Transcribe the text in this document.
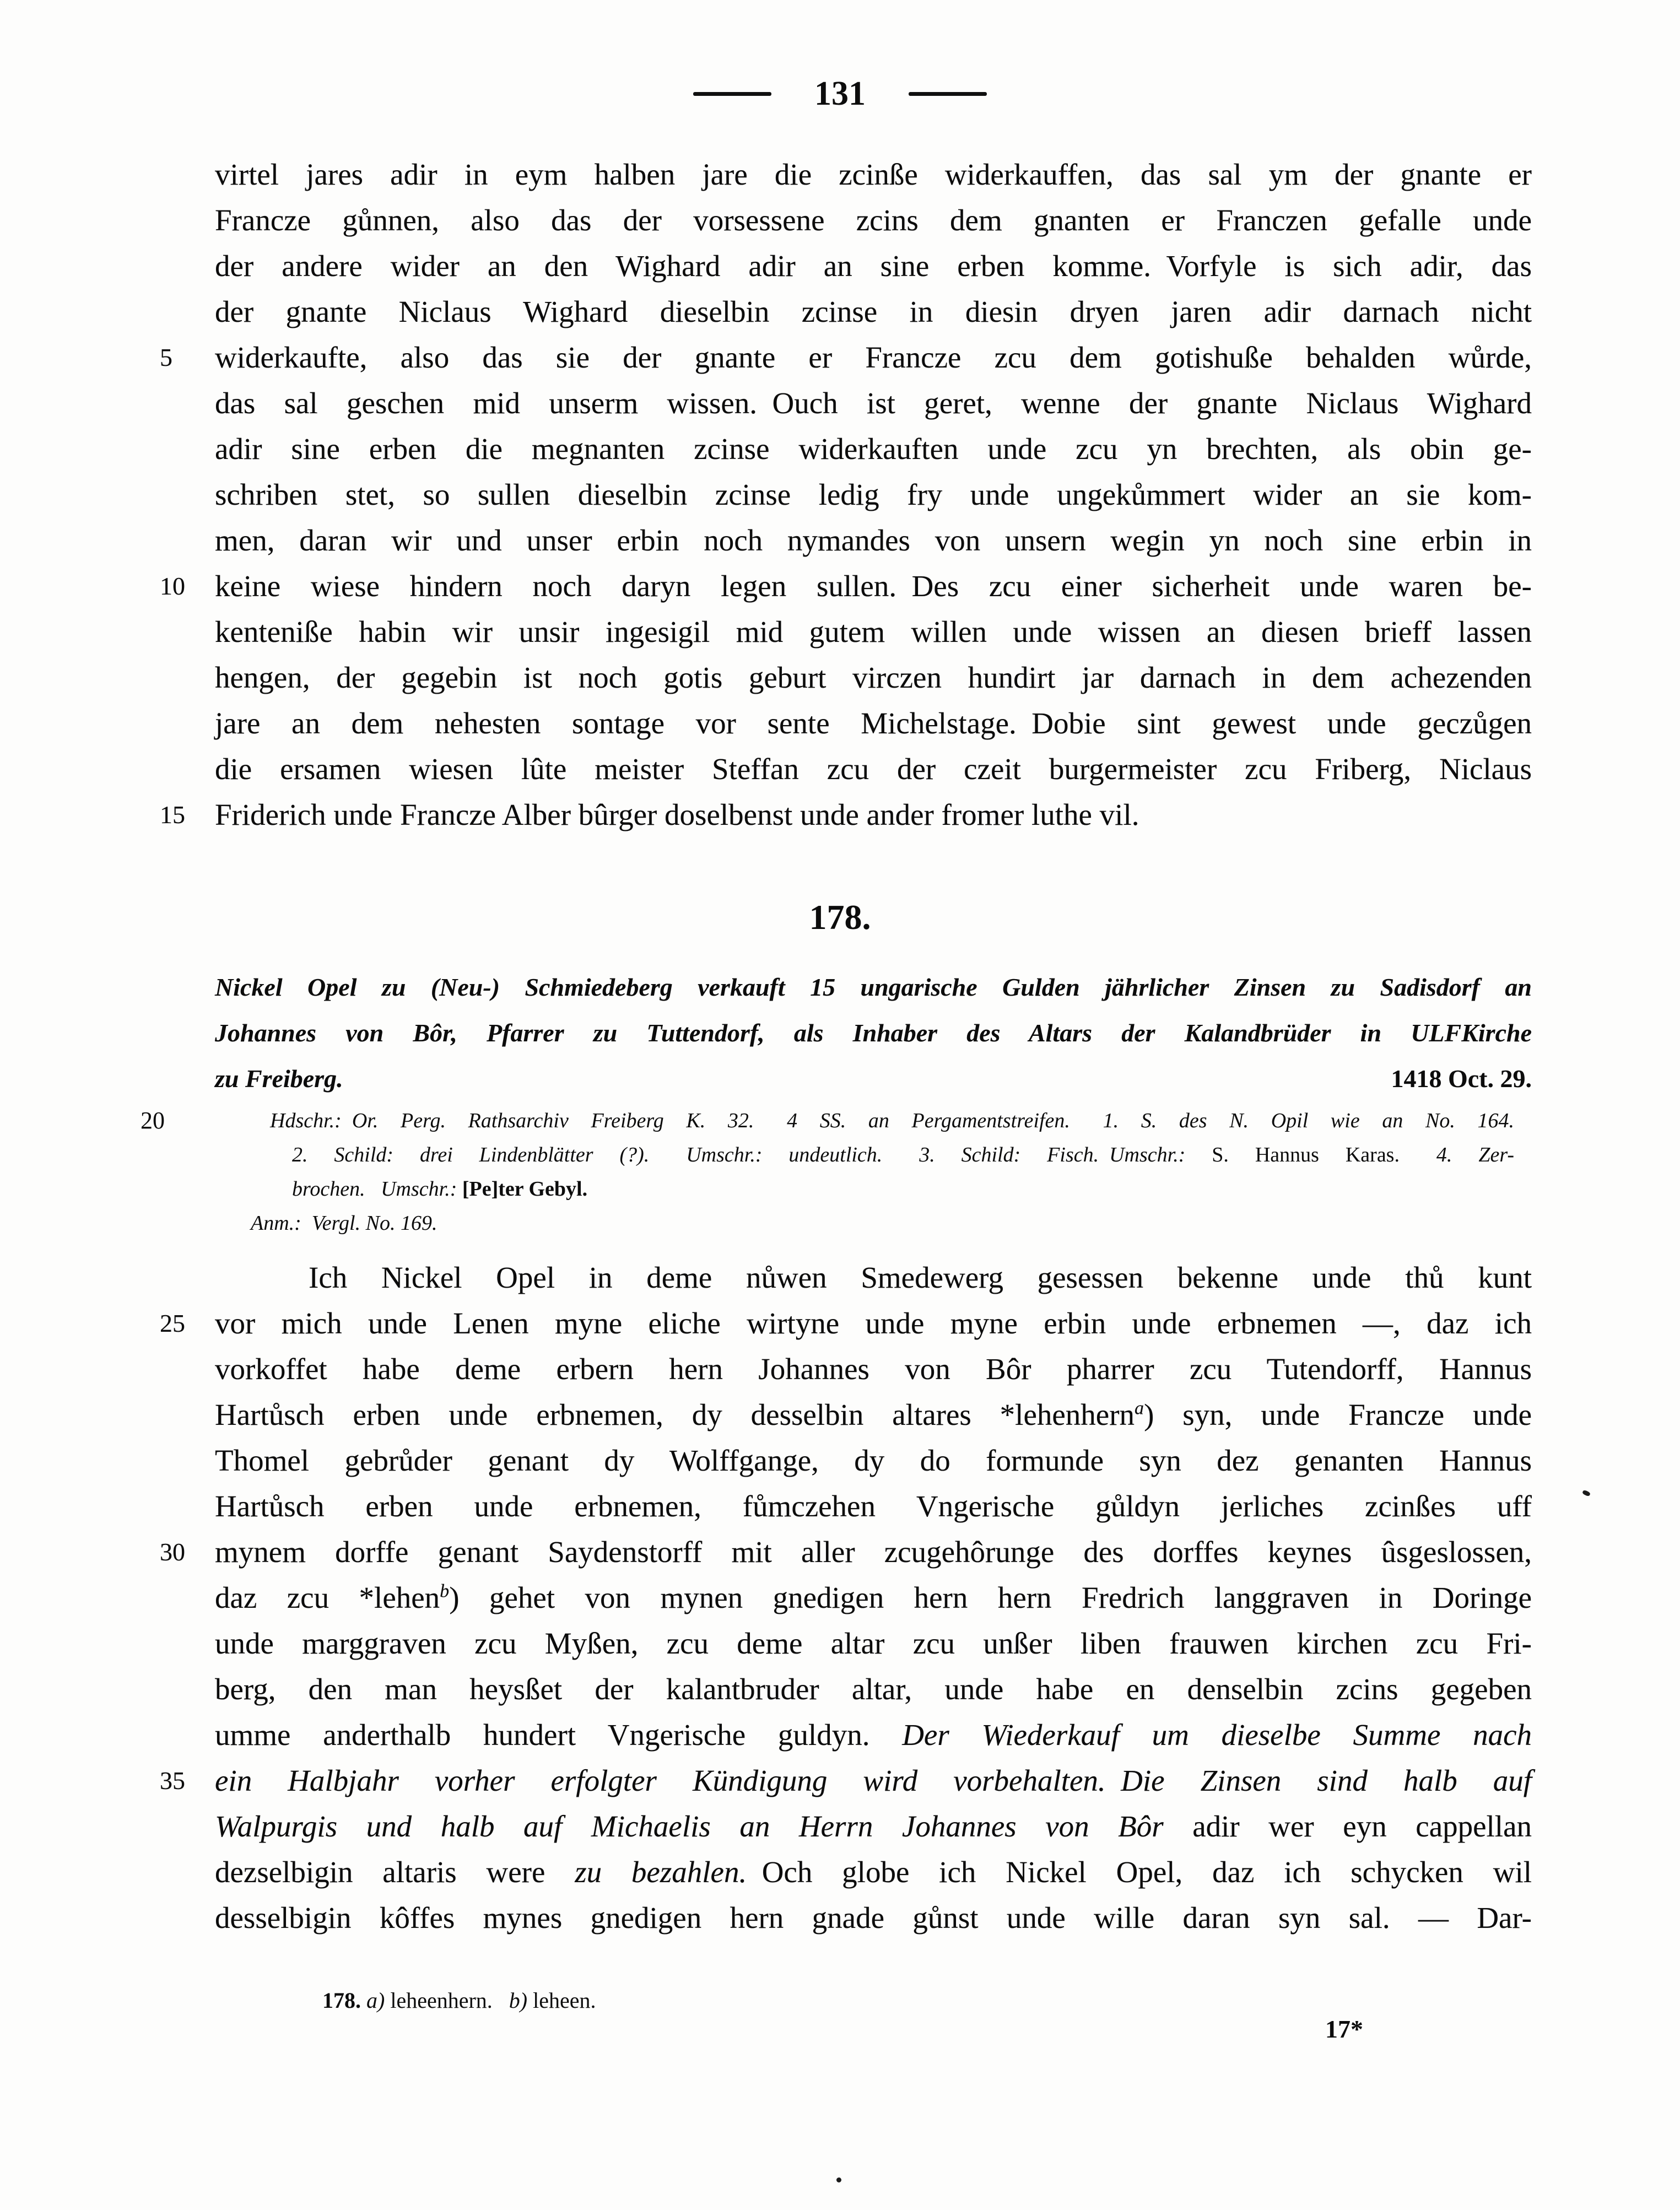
131
virtel jares adir in eym halben jare die zcinße widerkauffen, das sal ym der gnante er
Francze gůnnen, also das der vorsessene zcins dem gnanten er Franczen gefalle unde
der andere wider an den Wighard adir an sine erben komme. Vorfyle is sich adir, das
der gnante Niclaus Wighard dieselbin zcinse in diesin dryen jaren adir darnach nicht
5 widerkaufte, also das sie der gnante er Francze zcu dem gotishuße behalden wůrde,
das sal geschen mid unserm wissen. Ouch ist geret, wenne der gnante Niclaus Wighard
adir sine erben die megnanten zcinse widerkauften unde zcu yn brechten, als obin ge-
schriben stet, so sullen dieselbin zcinse ledig fry unde ungekůmmert wider an sie kom-
men, daran wir und unser erbin noch nymandes von unsern wegin yn noch sine erbin in
10 keine wiese hindern noch daryn legen sullen. Des zcu einer sicherheit unde waren be-
kenteniße habin wir unsir ingesigil mid gutem willen unde wissen an diesen brieff lassen
hengen, der gegebin ist noch gotis geburt virczen hundirt jar darnach in dem achezenden
jare an dem nehesten sontage vor sente Michelstage. Dobie sint gewest unde geczůgen
die ersamen wiesen lûte meister Steffan zcu der czeit burgermeister zcu Friberg, Niclaus
15 Friderich unde Francze Alber bûrger doselbenst unde ander fromer luthe vil.
178.
Nickel Opel zu (Neu-) Schmiedeberg verkauft 15 ungarische Gulden jährlicher Zinsen zu Sadisdorf an
Johannes von Bôr, Pfarrer zu Tuttendorf, als Inhaber des Altars der Kalandbrüder in ULFKirche
zu Freiberg.	1418 Oct. 29.
20	Hdschr.: Or. Perg. Rathsarchiv Freiberg K. 32.  4 SS. an Pergamentstreifen.  1. S. des N. Opil wie an No. 164.
2. Schild: drei Lindenblätter (?).  Umschr.: undeutlich.  3. Schild: Fisch. Umschr.: S. Hannus Karas.  4. Zer-
brochen.  Umschr.: [Pe]ter Gebyl.
Anm.: Vergl. No. 169.
Ich Nickel Opel in deme nůwen Smedewerg gesessen bekenne unde thů kunt
25 vor mich unde Lenen myne eliche wirtyne unde myne erbin unde erbnemen —, daz ich
vorkoffet habe deme erbern hern Johannes von Bôr pharrer zcu Tutendorff, Hannus
Hartůsch erben unde erbnemen, dy desselbin altares *lehenhern$^a$) syn, unde Francze unde
Thomel gebrůder genant dy Wolffgange, dy do formunde syn dez genanten Hannus
Hartůsch erben unde erbnemen, fůmczehen Vngerische gůldyn jerliches zcinßes uff
30 mynem dorffe genant Saydenstorff mit aller zcugehôrunge des dorffes keynes ûsgeslossen,
daz zcu *lehen$^b$) gehet von mynen gnedigen hern hern Fredrich langgraven in Doringe
unde marggraven zcu Myßen, zcu deme altar zcu unßer liben frauwen kirchen zcu Fri-
berg, den man heysßet der kalantbruder altar, unde habe en denselbin zcins gegeben
umme anderthalb hundert Vngerische guldyn. Der Wiederkauf um dieselbe Summe nach
35 ein Halbjahr vorher erfolgter Kündigung wird vorbehalten. Die Zinsen sind halb auf
Walpurgis und halb auf Michaelis an Herrn Johannes von Bôr adir wer eyn cappellan
dezselbigin altaris were zu bezahlen. Och globe ich Nickel Opel, daz ich schycken wil
desselbigin kôffes mynes gnedigen hern gnade gůnst unde wille daran syn sal. — Dar-
178. a) leheenhern.  b) leheen.
17*
